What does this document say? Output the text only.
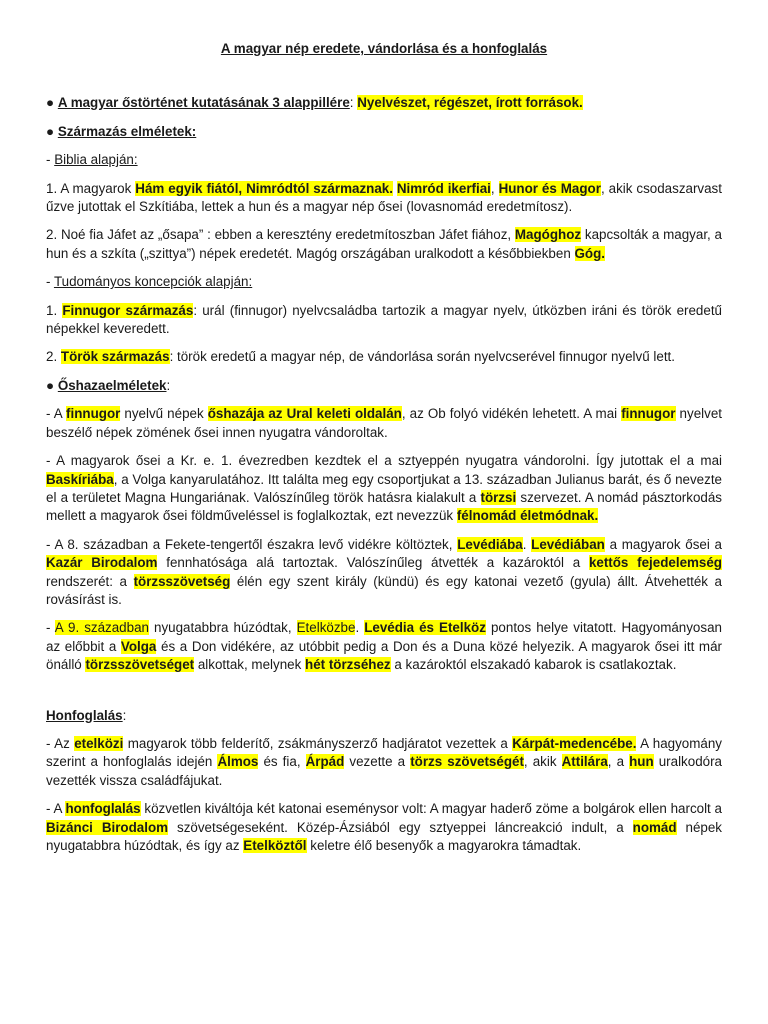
A magyar nép eredete, vándorlása és a honfoglalás

● A magyar őstörténet kutatásának 3 alappillére: Nyelvészet, régészet, írott források.

● Származás elméletek:

- Biblia alapján:

1. A magyarok Hám egyik fiától, Nimródtól származnak. Nimród ikerfiai, Hunor és Magor, akik csodaszarvast űzve jutottak el Szkítiába, lettek a hun és a magyar nép ősei (lovasnomád eredetmítosz).

2. Noé fia Jáfet az „ősapa” : ebben a keresztény eredetmítoszban Jáfet fiához, Magóghoz kapcsolták a magyar, a hun és a szkíta („szittya”) népek eredetét. Magóg országában uralkodott a későbbiekben Góg.

- Tudományos koncepciók alapján:

1. Finnugor származás: urál (finnugor) nyelvcsaládba tartozik a magyar nyelv, útközben iráni és török eredetű népekkel keveredett.

2. Török származás: török eredetű a magyar nép, de vándorlása során nyelvcserével finnugor nyelvű lett.

● Őshazaelméletek:

- A finnugor nyelvű népek őshazája az Ural keleti oldalán, az Ob folyó vidékén lehetett. A mai finnugor nyelvet beszélő népek zömének ősei innen nyugatra vándoroltak.

- A magyarok ősei a Kr. e. 1. évezredben kezdtek el a sztyeppén nyugatra vándorolni. Így jutottak el a mai Baskíriába, a Volga kanyarulatához. Itt találta meg egy csoportjukat a 13. században Julianus barát, és ő nevezte el a területet Magna Hungariának. Valószínűleg török hatásra kialakult a törzsi szervezet. A nomád pásztorkodás mellett a magyarok ősei földműveléssel is foglalkoztak, ezt nevezzük félnomád életmódnak.

- A 8. században a Fekete-tengertől északra levő vidékre költöztek, Levédiába. Levédiában a magyarok ősei a Kazár Birodalom fennhatósága alá tartoztak. Valószínűleg átvették a kazároktól a kettős fejedelemség rendszerét: a törzsszövetség élén egy szent király (kündü) és egy katonai vezető (gyula) állt. Átvehették a rovásírást is.

- A 9. században nyugatabbra húzódtak, Etelközbe. Levédia és Etelköz pontos helye vitatott. Hagyományosan az előbbit a Volga és a Don vidékére, az utóbbit pedig a Don és a Duna közé helyezik. A magyarok ősei itt már önálló törzsszövetséget alkottak, melynek hét törzséhez a kazároktól elszakadó kabarok is csatlakoztak.

Honfoglalás:

- Az etelközi magyarok több felderítő, zsákmányszerző hadjáratot vezettek a Kárpát-medencébe. A hagyomány szerint a honfoglalás idején Álmos és fia, Árpád vezette a törzs szövetségét, akik Attilára, a hun uralkodóra vezették vissza családfájukat.

- A honfoglalás közvetlen kiváltója két katonai eseménysor volt: A magyar haderő zöme a bolgárok ellen harcolt a Bizánci Birodalom szövetségeseként. Közép-Ázsiából egy sztyeppei láncreakció indult, a nomád népek nyugatabbra húzódtak, és így az Etelköztől keletre élő besenyők a magyarokra támadtak.
